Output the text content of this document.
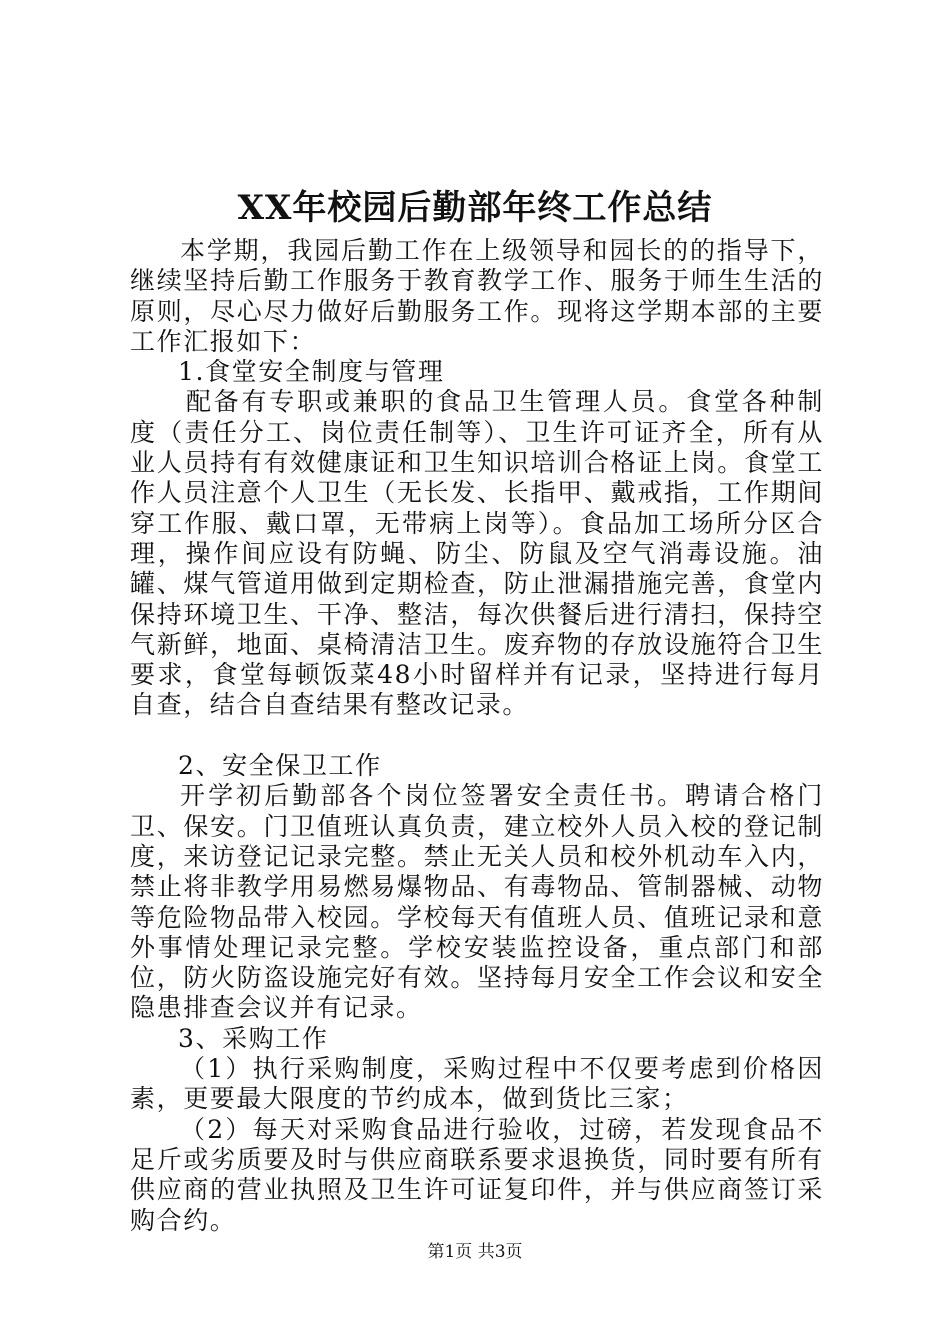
XX年校园后勤部年终工作总结

本学期，我园后勤工作在上级领导和园长的的指导下，继续坚持后勤工作服务于教育教学工作、服务于师生生活的原则，尽心尽力做好后勤服务工作。现将这学期本部的主要工作汇报如下：

1.食堂安全制度与管理

配备有专职或兼职的食品卫生管理人员。食堂各种制度（责任分工、岗位责任制等）、卫生许可证齐全，所有从业人员持有有效健康证和卫生知识培训合格证上岗。食堂工作人员注意个人卫生（无长发、长指甲、戴戒指，工作期间穿工作服、戴口罩，无带病上岗等）。食品加工场所分区合理，操作间应设有防蝇、防尘、防鼠及空气消毒设施。油罐、煤气管道用做到定期检查，防止泄漏措施完善，食堂内保持环境卫生、干净、整洁，每次供餐后进行清扫，保持空气新鲜，地面、桌椅清洁卫生。废弃物的存放设施符合卫生要求，食堂每顿饭菜48小时留样并有记录，坚持进行每月自查，结合自查结果有整改记录。

2、安全保卫工作

开学初后勤部各个岗位签署安全责任书。聘请合格门卫、保安。门卫值班认真负责，建立校外人员入校的登记制度，来访登记记录完整。禁止无关人员和校外机动车入内，禁止将非教学用易燃易爆物品、有毒物品、管制器械、动物等危险物品带入校园。学校每天有值班人员、值班记录和意外事情处理记录完整。学校安装监控设备，重点部门和部位，防火防盗设施完好有效。坚持每月安全工作会议和安全隐患排查会议并有记录。

3、采购工作

（1）执行采购制度，采购过程中不仅要考虑到价格因素，更要最大限度的节约成本，做到货比三家；

（2）每天对采购食品进行验收，过磅，若发现食品不足斤或劣质要及时与供应商联系要求退换货，同时要有所有供应商的营业执照及卫生许可证复印件，并与供应商签订采购合约。

第1页 共3页
